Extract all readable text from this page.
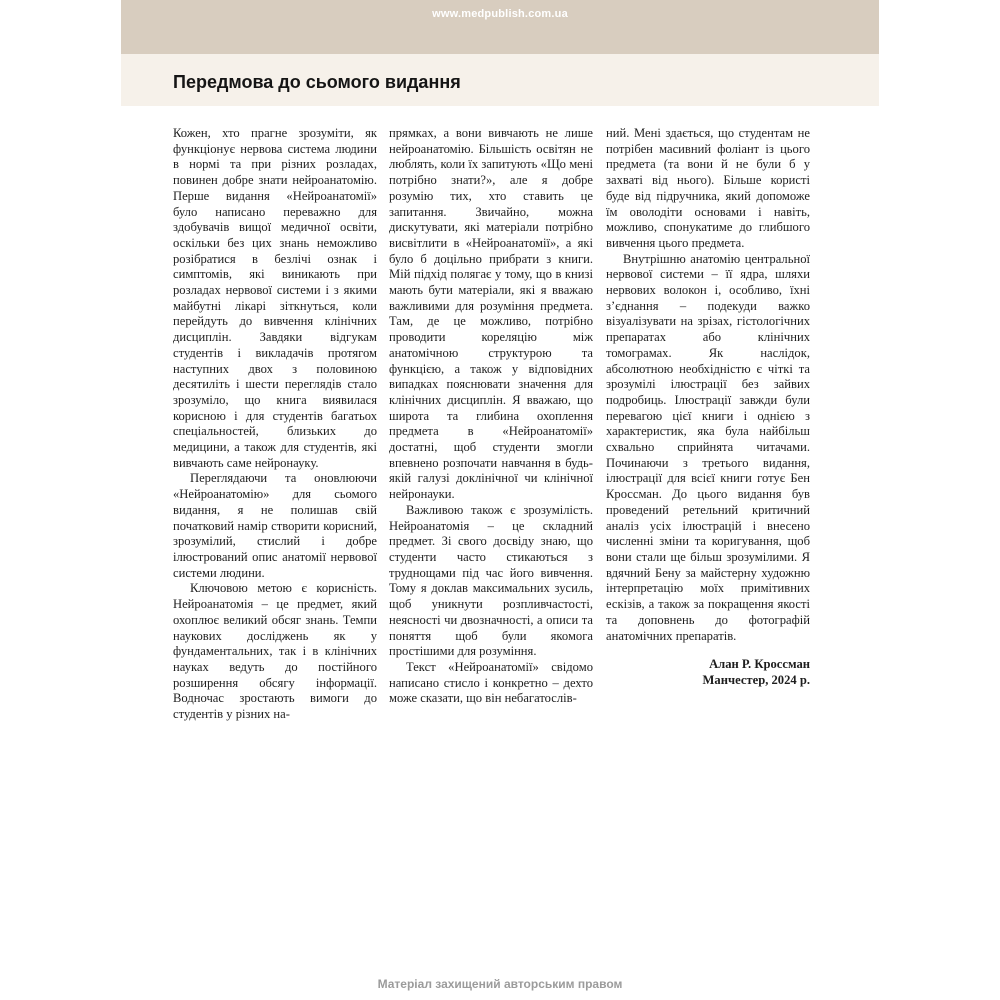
www.medpublish.com.ua
Передмова до сьомого видання

Кожен, хто прагне зрозуміти, як функціонує нервова система людини в нормі та при різних розладах, повинен добре знати нейроанатомію. Перше видання «Нейроанатомії» було написано переважно для здобувачів вищої медичної освіти, оскільки без цих знань неможливо розібратися в безлічі ознак і симптомів, які виникають при розладах нервової системи і з якими майбутні лікарі зіткнуться, коли перейдуть до вивчення клінічних дисциплін. Завдяки відгукам студентів і викладачів протягом наступних двох з половиною десятиліть і шести переглядів стало зрозуміло, що книга виявилася корисною і для студентів багатьох спеціальностей, близьких до медицини, а також для студентів, які вивчають саме нейронауку.

Переглядаючи та оновлюючи «Нейроанатомію» для сьомого видання, я не полишав свій початковий намір створити корисний, зрозумілий, стислий і добре ілюстрований опис анатомії нервової системи людини.

Ключовою метою є корисність. Нейроанатомія – це предмет, який охоплює великий обсяг знань. Темпи наукових досліджень як у фундаментальних, так і в клінічних науках ведуть до постійного розширення обсягу інформації. Водночас зростають вимоги до студентів у різних на-

прямках, а вони вивчають не лише нейроанатомію. Більшість освітян не люблять, коли їх запитують «Що мені потрібно знати?», але я добре розумію тих, хто ставить це запитання. Звичайно, можна дискутувати, які матеріали потрібно висвітлити в «Нейроанатомії», а які було б доцільно прибрати з книги. Мій підхід полягає у тому, що в книзі мають бути матеріали, які я вважаю важливими для розуміння предмета. Там, де це можливо, потрібно проводити кореляцію між анатомічною структурою та функцією, а також у відповідних випадках пояснювати значення для клінічних дисциплін. Я вважаю, що широта та глибина охоплення предмета в «Нейроанатомії» достатні, щоб студенти змогли впевнено розпочати навчання в будь-якій галузі доклінічної чи клінічної нейронауки.

Важливою також є зрозумілість. Нейроанатомія – це складний предмет. Зі свого досвіду знаю, що студенти часто стикаються з труднощами під час його вивчення. Тому я доклав максимальних зусиль, щоб уникнути розпливчастості, неясності чи двозначності, а описи та поняття щоб були якомога простішими для розуміння.

Текст «Нейроанатомії» свідомо написано стисло і конкретно – дехто може сказати, що він небагатослів-

ний. Мені здається, що студентам не потрібен масивний фоліант із цього предмета (та вони й не були б у захваті від нього). Більше користі буде від підручника, який допоможе їм оволодіти основами і навіть, можливо, спонукатиме до глибшого вивчення цього предмета.

Внутрішню анатомію центральної нервової системи – її ядра, шляхи нервових волокон і, особливо, їхні з’єднання – подекуди важко візуалізувати на зрізах, гістологічних препаратах або клінічних томограмах. Як наслідок, абсолютною необхідністю є чіткі та зрозумілі ілюстрації без зайвих подробиць. Ілюстрації завжди були перевагою цієї книги і однією з характеристик, яка була найбільш схвально сприйнята читачами. Починаючи з третього видання, ілюстрації для всієї книги готує Бен Кроссман. До цього видання був проведений ретельний критичний аналіз усіх ілюстрацій і внесено численні зміни та коригування, щоб вони стали ще більш зрозумілими. Я вдячний Бену за майстерну художню інтерпретацію моїх примітивних ескізів, а також за покращення якості та доповнень до фотографій анатомічних препаратів.

Алан Р. Кроссман
Манчестер, 2024 р.
Матеріал захищений авторським правом
